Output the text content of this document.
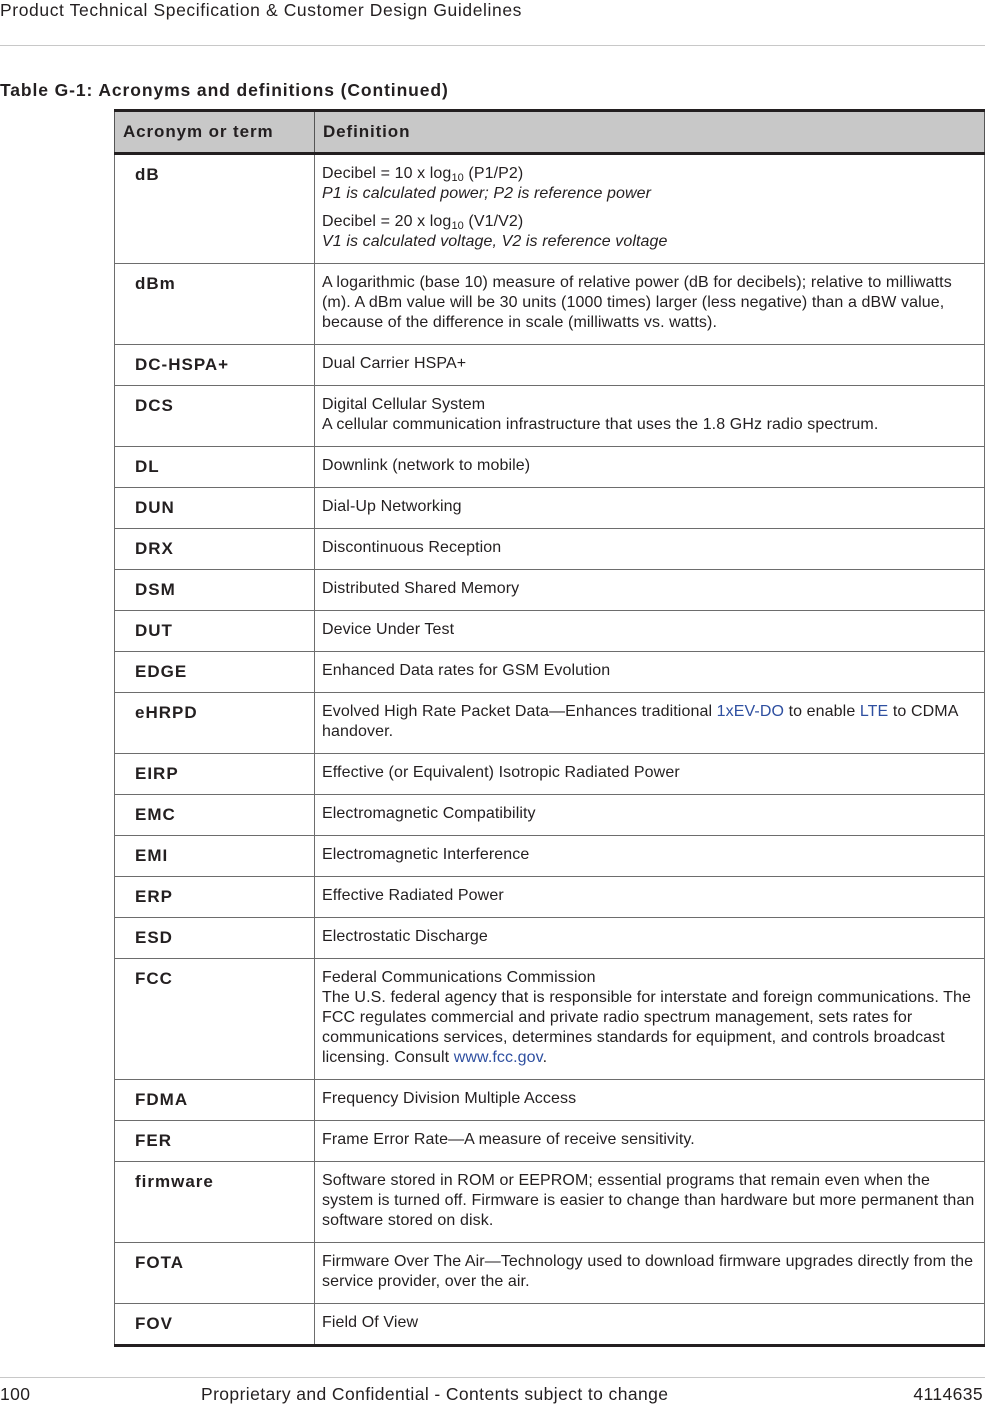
Product Technical Specification & Customer Design Guidelines
Table G-1: Acronyms and definitions (Continued)
Acronym or term	Definition
dB	Decibel = 10 x $\log_{10} (P1/P2)$
P1 is calculated power; P2 is reference power

Decibel = 20 x $\log_{10} (V1/V2)$
V1 is calculated voltage, V2 is reference voltage

dBm	A logarithmic (base 10) measure of relative power (dB for decibels); relative to milliwatts (m). A dBm value will be 30 units (1000 times) larger (less negative) than a dBW value, because of the difference in scale (milliwatts vs. watts).
DC-HSPA+	Dual Carrier HSPA+
DCS	Digital Cellular System
A cellular communication infrastructure that uses the 1.8 GHz radio spectrum.
DL	Downlink (network to mobile)
DUN	Dial-Up Networking
DRX	Discontinuous Reception
DSM	Distributed Shared Memory
DUT	Device Under Test
EDGE	Enhanced Data rates for GSM Evolution
eHRPD	Evolved High Rate Packet Data—Enhances traditional 1xEV-DO to enable LTE to CDMA handover.
EIRP	Effective (or Equivalent) Isotropic Radiated Power
EMC	Electromagnetic Compatibility
EMI	Electromagnetic Interference
ERP	Effective Radiated Power
ESD	Electrostatic Discharge
FCC	Federal Communications Commission
The U.S. federal agency that is responsible for interstate and foreign communications. The FCC regulates commercial and private radio spectrum management, sets rates for communications services, determines standards for equipment, and controls broadcast licensing. Consult www.fcc.gov.
FDMA	Frequency Division Multiple Access
FER	Frame Error Rate—A measure of receive sensitivity.
firmware	Software stored in ROM or EEPROM; essential programs that remain even when the system is turned off. Firmware is easier to change than hardware but more permanent than software stored on disk.
FOTA	Firmware Over The Air—Technology used to download firmware upgrades directly from the service provider, over the air.
FOV	Field Of View
100	Proprietary and Confidential - Contents subject to change	4114635
